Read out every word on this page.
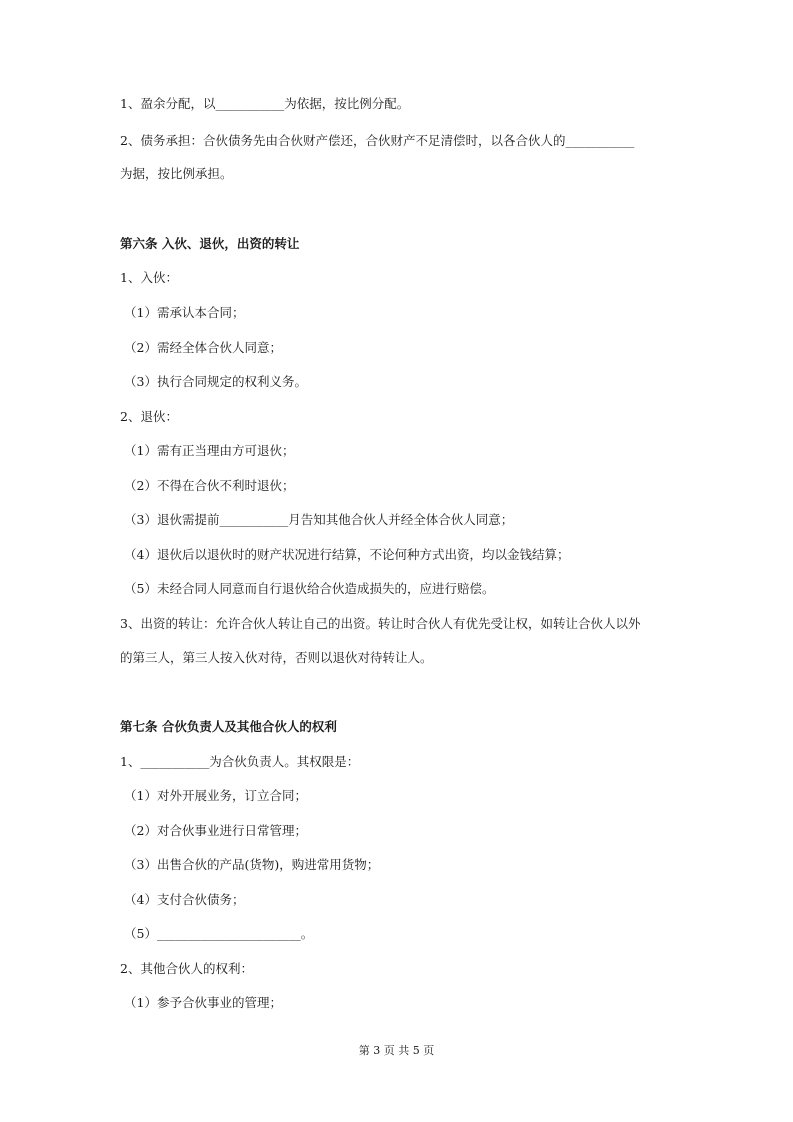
1、盈余分配，以___________为依据，按比例分配。
2、债务承担：合伙债务先由合伙财产偿还，合伙财产不足清偿时，以各合伙人的___________
为据，按比例承担。
第六条 入伙、退伙，出资的转让
1、入伙：
（1）需承认本合同；
（2）需经全体合伙人同意；
（3）执行合同规定的权利义务。
2、退伙：
（1）需有正当理由方可退伙；
（2）不得在合伙不利时退伙；
（3）退伙需提前___________月告知其他合伙人并经全体合伙人同意；
（4）退伙后以退伙时的财产状况进行结算，不论何种方式出资，均以金钱结算；
（5）未经合同人同意而自行退伙给合伙造成损失的，应进行赔偿。
3、出资的转让：允许合伙人转让自己的出资。转让时合伙人有优先受让权，如转让合伙人以外
的第三人，第三人按入伙对待，否则以退伙对待转让人。
第七条 合伙负责人及其他合伙人的权利
1、___________为合伙负责人。其权限是：
（1）对外开展业务，订立合同；
（2）对合伙事业进行日常管理；
（3）出售合伙的产品(货物)，购进常用货物；
（4）支付合伙债务；
（5）_______________________。
2、其他合伙人的权利：
（1）参予合伙事业的管理；
第 3 页 共 5 页
